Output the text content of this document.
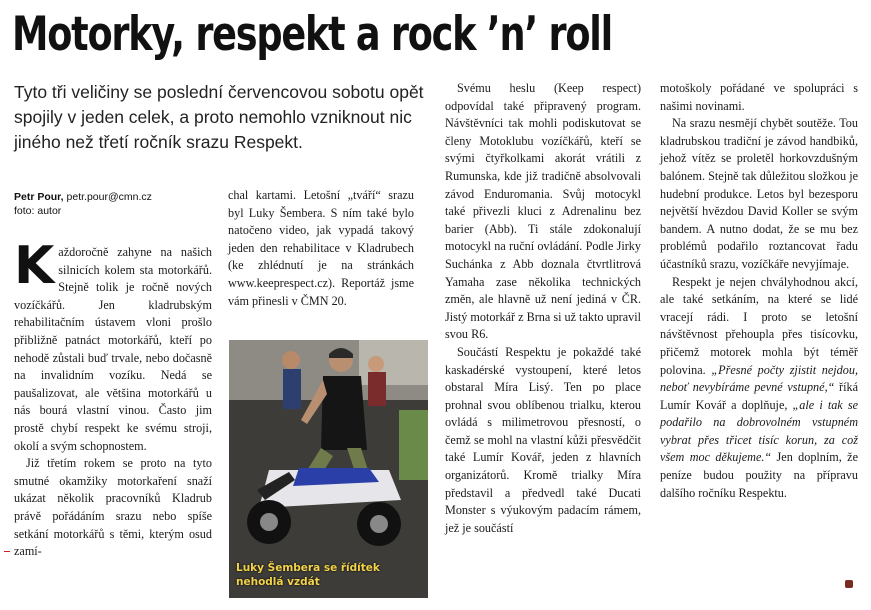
Motorky, respekt a rock ’n’ roll
Tyto tři veličiny se poslední červencovou sobotu opět spojily v jeden celek, a proto nemohlo vzniknout nic jiného než třetí ročník srazu Respekt.
Petr Pour, petr.pour@cmn.cz
foto: autor

Každoročně zahyne na našich silnicích kolem sta motorkářů. Stejně tolik je ročně nových vozíčkářů. Jen kladrubským rehabilitačním ústavem vloni prošlo přibližně patnáct motorkářů, kteří po nehodě zůstali buď trvale, nebo dočasně na invalidním vozíku. Nedá se paušalizovat, ale většina motorkářů u nás bourá vlastní vinou. Často jim prostě chybí respekt ke svému stroji, okolí a svým schopnostem.

Již třetím rokem se proto na tyto smutné okamžiky motorkaření snaží ukázat několik pracovníků Kladrub právě pořádáním srazu nebo spíše setkání motorkářů s těmi, kterým osud zamí-

chal kartami. Letošní „tváří“ srazu byl Luky Šembera. S ním také bylo natočeno video, jak vypadá takový jeden den rehabilitace v Kladrubech (ke zhlédnutí je na stránkách www.keeprespect.cz). Reportáž jsme vám přinesli v ČMN 20.

Luky Šembera se řídítek nehodlá vzdát

Svému heslu (Keep respect) odpovídal také připravený program. Návštěvníci tak mohli podiskutovat se členy Motoklubu vozíčkářů, kteří se svými čtyřkolkami akorát vrátili z Rumunska, kde již tradičně absolvovali závod Enduromania. Svůj motocykl také přivezli kluci z Adrenalinu bez barier (Abb). Ti stále zdokonalují motocykl na ruční ovládání. Podle Jirky Suchánka z Abb doznala čtvrtlitrová Yamaha zase několika technických změn, ale hlavně už není jediná v ČR. Jistý motorkář z Brna si už takto upravil svou R6.

Součástí Respektu je pokaždé také kaskadérské vystoupení, které letos obstaral Míra Lisý. Ten po place prohnal svou oblíbenou trialku, kterou ovládá s milimetrovou přesností, o čemž se mohl na vlastní kůži přesvědčit také Lumír Kovář, jeden z hlavních organizátorů. Kromě trialky Míra představil a předvedl také Ducati Monster s výukovým padacím rámem, jež je součástí

motoškoly pořádané ve spolupráci s našimi novinami.

Na srazu nesmějí chybět soutěže. Tou kladrubskou tradiční je závod handbiků, jehož vítěz se proletěl horkovzdušným balónem. Stejně tak důležitou složkou je hudební produkce. Letos byl bezesporu největší hvězdou David Koller se svým bandem. A nutno dodat, že se mu bez problémů podařilo roztancovat řadu účastníků srazu, vozíčkáře nevyjímaje.

Respekt je nejen chvályhodnou akcí, ale také setkáním, na které se lidé vracejí rádi. I proto se letošní návštěvnost přehoupla přes tisícovku, přičemž motorek mohla být téměř polovina. „Přesné počty zjistit nejdou, neboť nevybíráme pevné vstupné,“ říká Lumír Kovář a doplňuje, „ale i tak se podařilo na dobrovolném vstupném vybrat přes třicet tisíc korun, za což všem moc děkujeme.“ Jen doplním, že peníze budou použity na přípravu dalšího ročníku Respektu.
